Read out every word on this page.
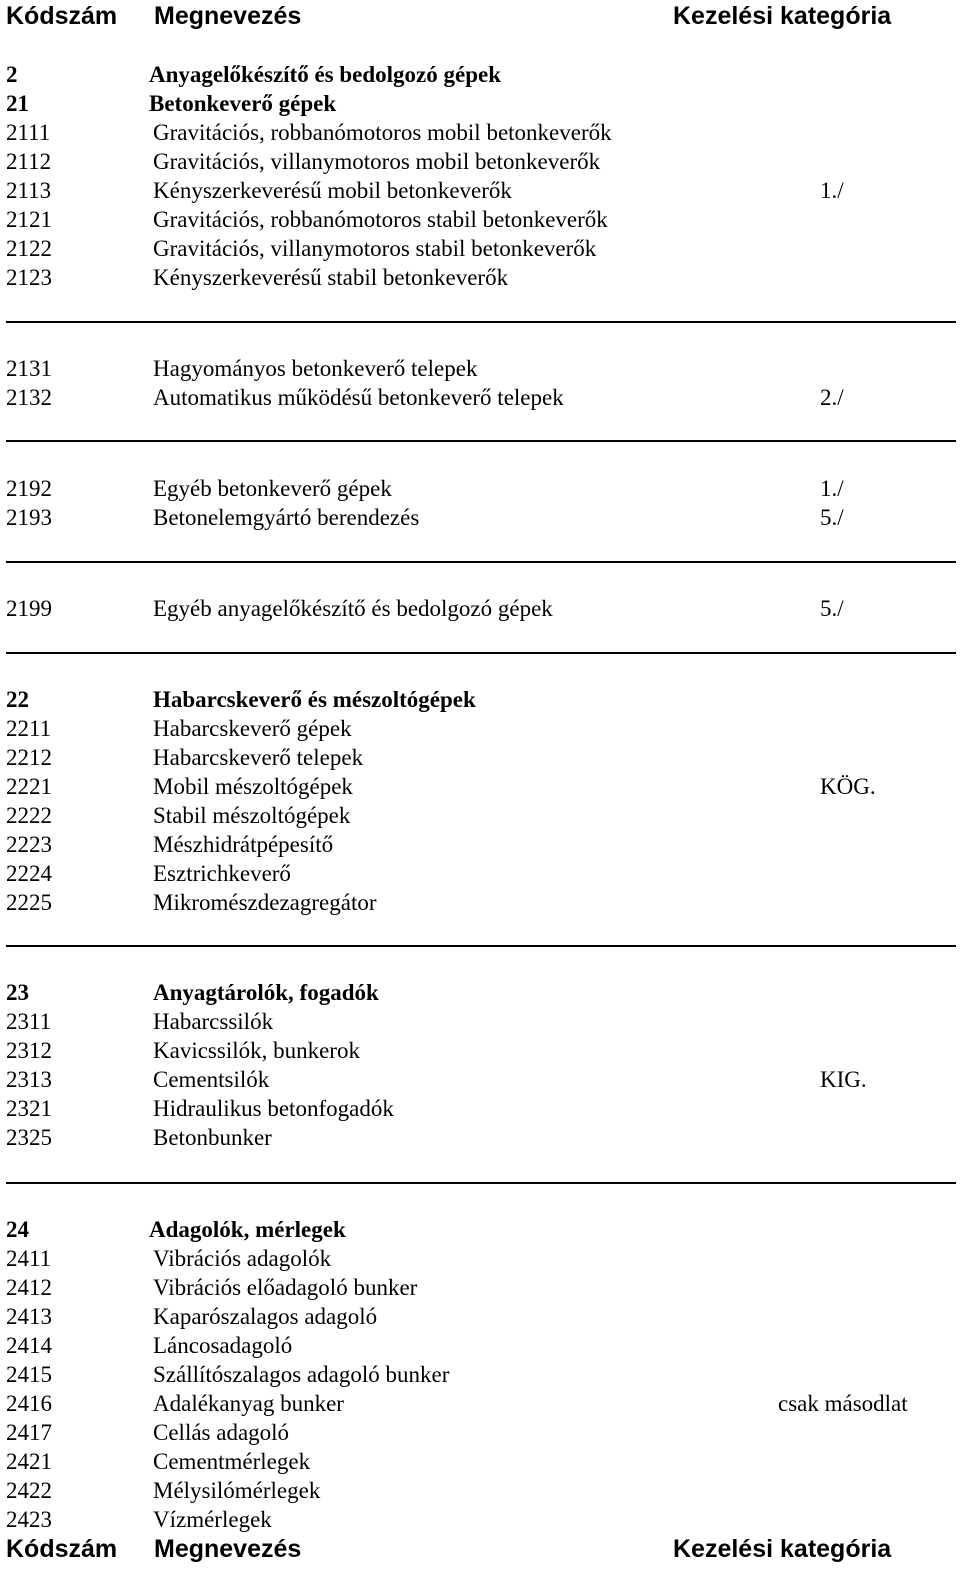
Kódszám Megnevezés	Kezelési kategória
2	Anyagelőkészítő és bedolgozó gépek
21	Betonkeverő gépek
2111	Gravitációs, robbanómotoros mobil betonkeverők
2112	Gravitációs, villanymotoros mobil betonkeverők
2113	Kényszerkeverésű mobil betonkeverők	1./
2121	Gravitációs, robbanómotoros stabil betonkeverők
2122	Gravitációs, villanymotoros stabil betonkeverők
2123	Kényszerkeverésű stabil betonkeverők
2131	Hagyományos betonkeverő telepek
2132	Automatikus működésű betonkeverő telepek	2./
2192	Egyéb betonkeverő gépek	1./
2193	Betonelemgyártó berendezés	5./
2199	Egyéb anyagelőkészítő és bedolgozó gépek	5./
22	Habarcskeverő és mészoltógépek
2211	Habarcskeverő gépek
2212	Habarcskeverő telepek
2221	Mobil mészoltógépek	KÖG.
2222	Stabil mészoltógépek
2223	Mészhidrátpépesítő
2224	Esztrichkeverő
2225	Mikromészdezagregátor
23	Anyagtárolók, fogadók
2311	Habarcssilók
2312	Kavicssilók, bunkerok
2313	Cementsilók	KIG.
2321	Hidraulikus betonfogadók
2325	Betonbunker
24	Adagolók, mérlegek
2411	Vibrációs adagolók
2412	Vibrációs előadagoló bunker
2413	Kaparószalagos adagoló
2414	Láncosadagoló
2415	Szállítószalagos adagoló bunker
2416	Adalékanyag bunker	csak másodlat
2417	Cellás adagoló
2421	Cementmérlegek
2422	Mélysilómérlegek
2423	Vízmérlegek
Kódszám Megnevezés	Kezelési kategória
